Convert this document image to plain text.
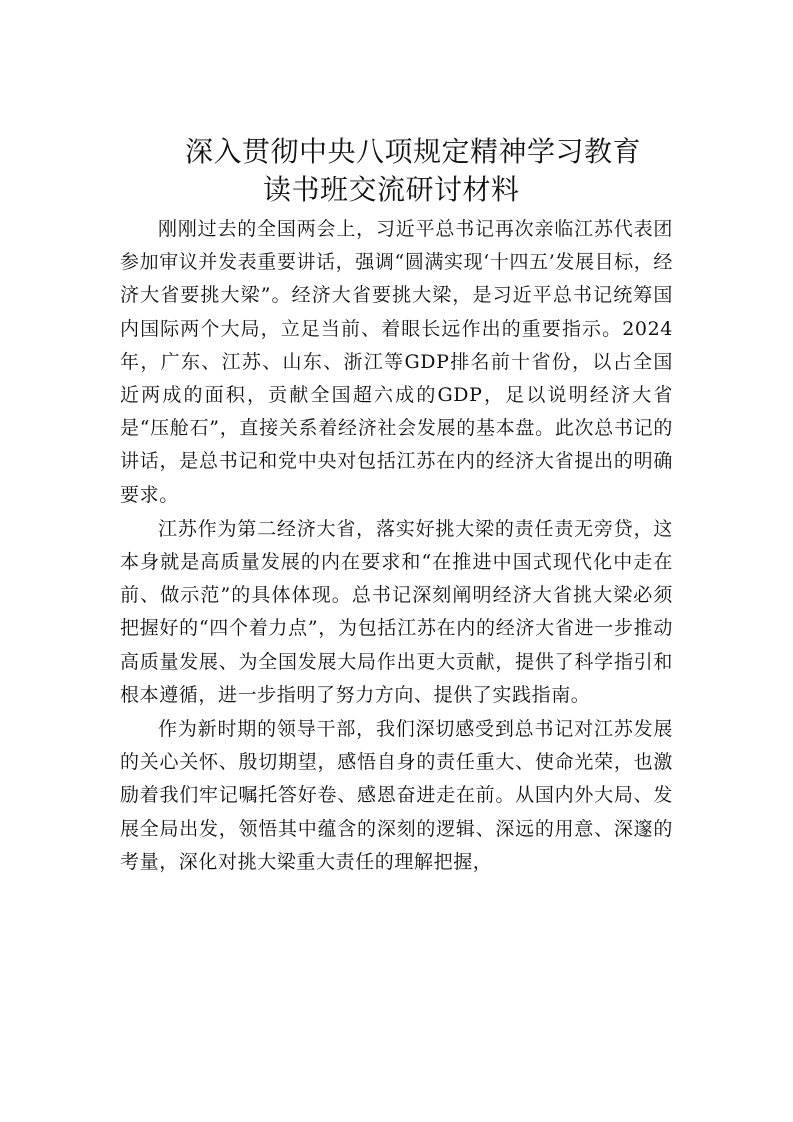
深入贯彻中央八项规定精神学习教育
读书班交流研讨材料

刚刚过去的全国两会上，习近平总书记再次亲临江苏代表团参加审议并发表重要讲话，强调“圆满实现‘十四五’发展目标，经济大省要挑大梁”。经济大省要挑大梁，是习近平总书记统筹国内国际两个大局，立足当前、着眼长远作出的重要指示。2024年，广东、江苏、山东、浙江等GDP排名前十省份，以占全国近两成的面积，贡献全国超六成的GDP，足以说明经济大省是“压舱石”，直接关系着经济社会发展的基本盘。此次总书记的讲话，是总书记和党中央对包括江苏在内的经济大省提出的明确要求。

江苏作为第二经济大省，落实好挑大梁的责任责无旁贷，这本身就是高质量发展的内在要求和“在推进中国式现代化中走在前、做示范”的具体体现。总书记深刻阐明经济大省挑大梁必须把握好的“四个着力点”，为包括江苏在内的经济大省进一步推动高质量发展、为全国发展大局作出更大贡献，提供了科学指引和根本遵循，进一步指明了努力方向、提供了实践指南。

作为新时期的领导干部，我们深切感受到总书记对江苏发展的关心关怀、殷切期望，感悟自身的责任重大、使命光荣，也激励着我们牢记嘱托答好卷、感恩奋进走在前。从国内外大局、发展全局出发，领悟其中蕴含的深刻的逻辑、深远的用意、深邃的考量，深化对挑大梁重大责任的理解把握，
